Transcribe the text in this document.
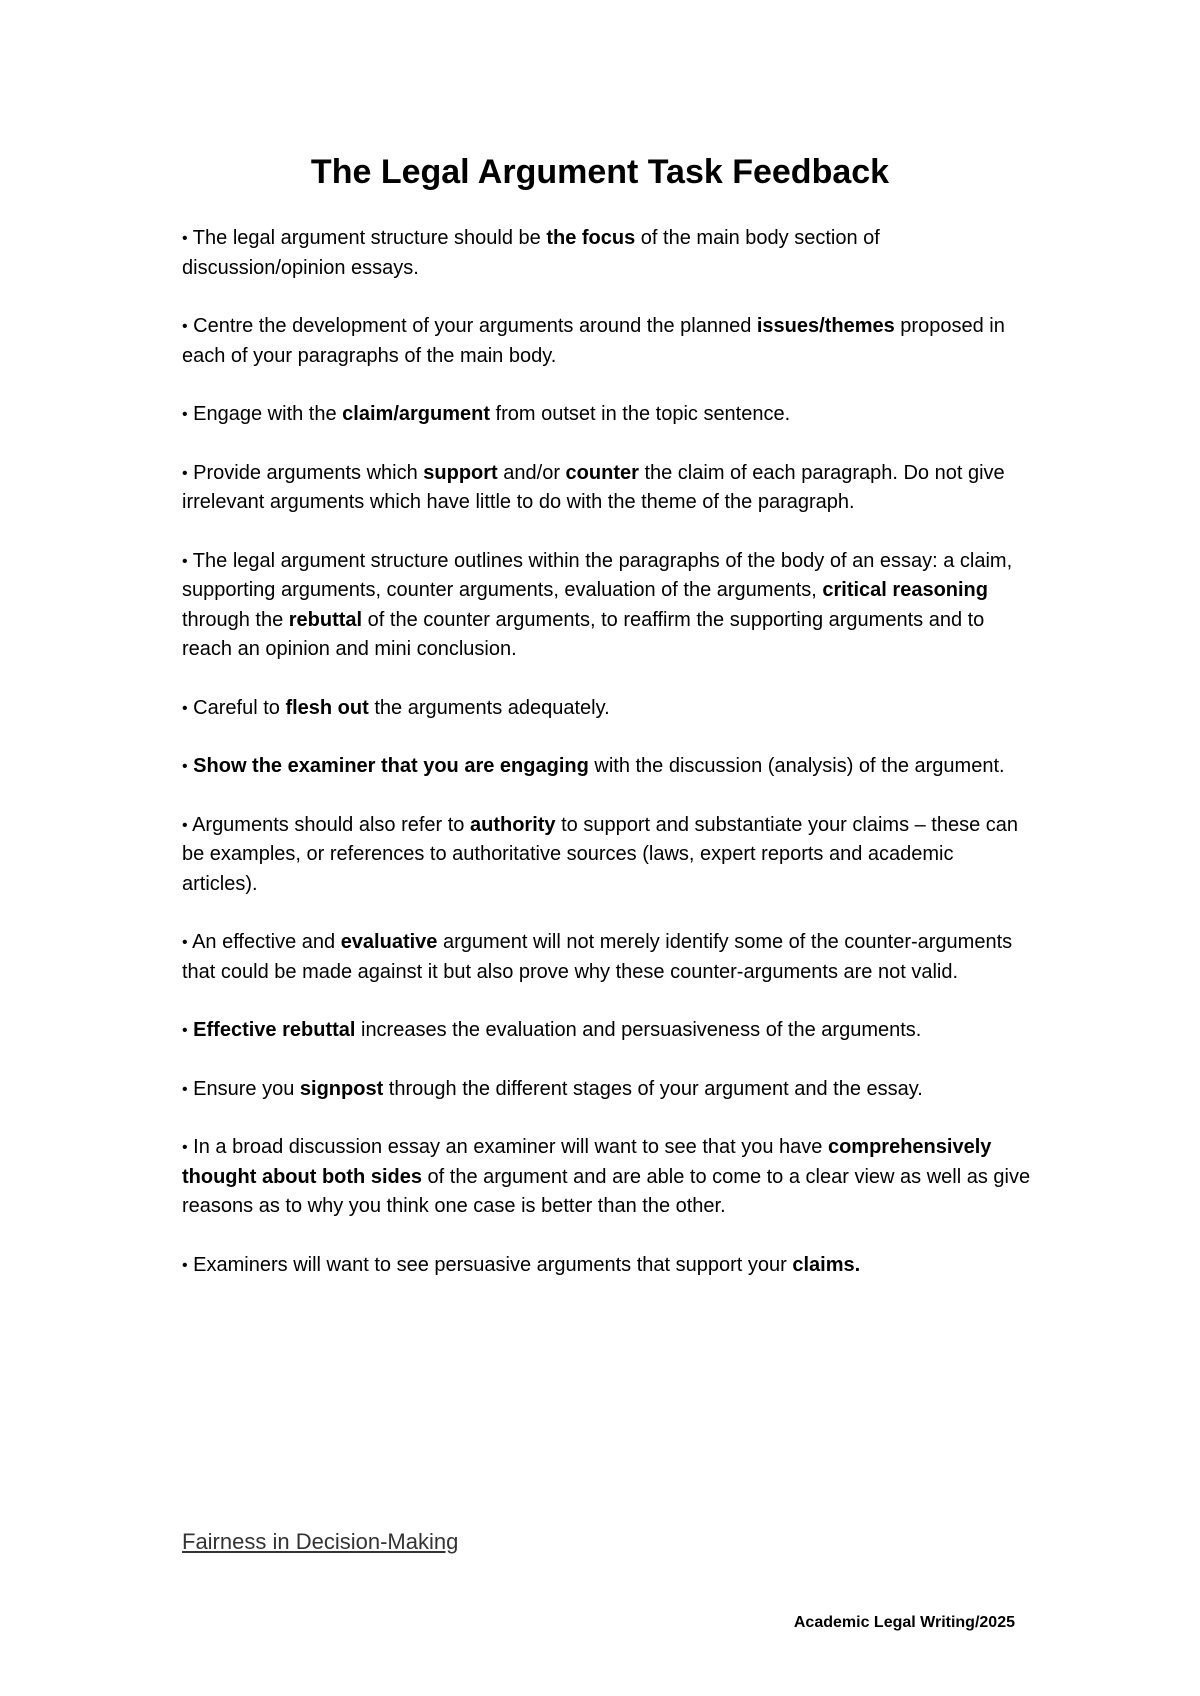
The Legal Argument Task Feedback
• The legal argument structure should be the focus of the main body section of discussion/opinion essays.
• Centre the development of your arguments around the planned issues/themes proposed in each of your paragraphs of the main body.
• Engage with the claim/argument from outset in the topic sentence.
• Provide arguments which support and/or counter the claim of each paragraph. Do not give irrelevant arguments which have little to do with the theme of the paragraph.
• The legal argument structure outlines within the paragraphs of the body of an essay: a claim, supporting arguments, counter arguments, evaluation of the arguments, critical reasoning through the rebuttal of the counter arguments, to reaffirm the supporting arguments and to reach an opinion and mini conclusion.
• Careful to flesh out the arguments adequately.
• Show the examiner that you are engaging with the discussion (analysis) of the argument.
• Arguments should also refer to authority to support and substantiate your claims – these can be examples, or references to authoritative sources (laws, expert reports and academic articles).
• An effective and evaluative argument will not merely identify some of the counter-arguments that could be made against it but also prove why these counter-arguments are not valid.
• Effective rebuttal increases the evaluation and persuasiveness of the arguments.
• Ensure you signpost through the different stages of your argument and the essay.
• In a broad discussion essay an examiner will want to see that you have comprehensively thought about both sides of the argument and are able to come to a clear view as well as give reasons as to why you think one case is better than the other.
• Examiners will want to see persuasive arguments that support your claims.
Fairness in Decision-Making
Academic Legal Writing/2025
